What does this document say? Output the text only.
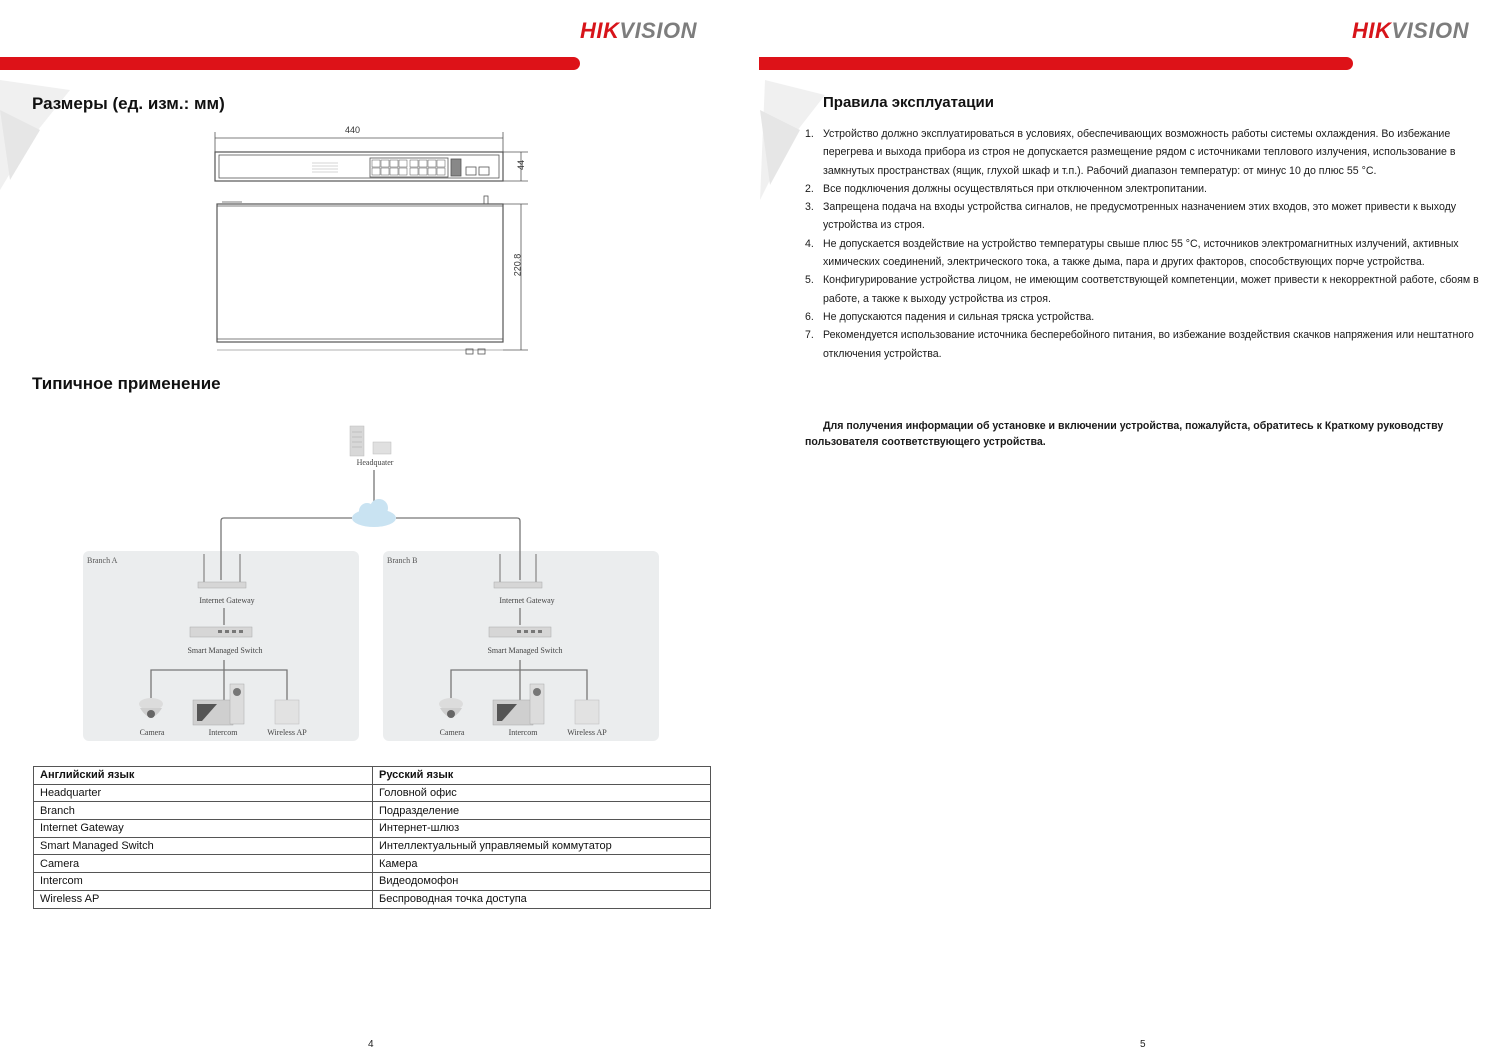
HIKVISION
Размеры (ед. изм.: мм)
440
44
220.8
Типичное применение
Headquater
Branch A
Internet Gateway
Smart Managed Switch
Camera	Intercom	Wireless AP
Branch B
Internet Gateway
Smart Managed Switch
Camera	Intercom	Wireless AP
Английский язык	Русский язык
Headquarter	Головной офис
Branch	Подразделение
Internet Gateway	Интернет-шлюз
Smart Managed Switch	Интеллектуальный управляемый коммутатор
Camera	Камера
Intercom	Видеодомофон
Wireless AP	Беспроводная точка доступа
4
HIKVISION
Правила эксплуатации
1. Устройство должно эксплуатироваться в условиях, обеспечивающих возможность работы системы охлаждения. Во избежание перегрева и выхода прибора из строя не допускается размещение рядом с источниками теплового излучения, использование в замкнутых пространствах (ящик, глухой шкаф и т.п.). Рабочий диапазон температур: от минус 10 до плюс 55 °C.
2. Все подключения должны осуществляться при отключенном электропитании.
3. Запрещена подача на входы устройства сигналов, не предусмотренных назначением этих входов, это может привести к выходу устройства из строя.
4. Не допускается воздействие на устройство температуры свыше плюс 55 °C, источников электромагнитных излучений, активных химических соединений, электрического тока, а также дыма, пара и других факторов, способствующих порче устройства.
5. Конфигурирование устройства лицом, не имеющим соответствующей компетенции, может привести к некорректной работе, сбоям в работе, а также к выходу устройства из строя.
6. Не допускаются падения и сильная тряска устройства.
7. Рекомендуется использование источника бесперебойного питания, во избежание воздействия скачков напряжения или нештатного отключения устройства.
Для получения информации об установке и включении устройства, пожалуйста, обратитесь к Краткому руководству пользователя соответствующего устройства.
5
